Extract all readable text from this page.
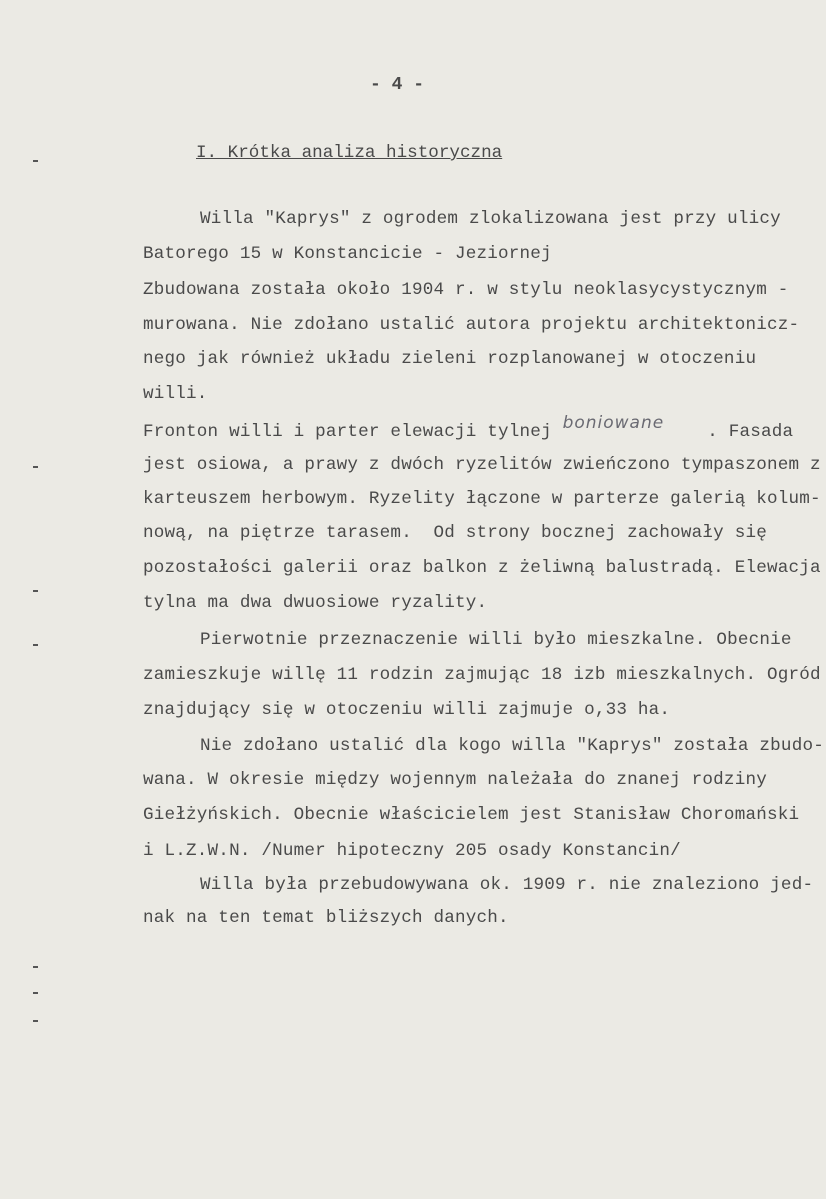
- 4 -
I. Krótka analiza historyczna
Willa "Kaprys" z ogrodem zlokalizowana jest przy ulicy
Batorego 15 w Konstancicie - Jeziornej
Zbudowana została około 1904 r. w stylu neoklasycystycznym -
murowana. Nie zdołano ustalić autora projektu architektonicz-
nego jak również układu zieleni rozplanowanej w otoczeniu
willi.
Fronton willi i parter elewacji tylnej boniowane    . Fasada
jest osiowa, a prawy z dwóch ryzelitów zwieńczono tympaszonem z
karteuszem herbowym. Ryzelity łączone w parterze galerią kolum-
nową, na piętrze tarasem.  Od strony bocznej zachowały się
pozostałości galerii oraz balkon z żeliwną balustradą. Elewacja
tylna ma dwa dwuosiowe ryzality.
Pierwotnie przeznaczenie willi było mieszkalne. Obecnie
zamieszkuje willę 11 rodzin zajmując 18 izb mieszkalnych. Ogród
znajdujący się w otoczeniu willi zajmuje o,33 ha.
Nie zdołano ustalić dla kogo willa "Kaprys" została zbudo-
wana. W okresie między wojennym należała do znanej rodziny
Giełżyńskich. Obecnie właścicielem jest Stanisław Choromański
i L.Z.W.N. /Numer hipoteczny 205 osady Konstancin/
Willa była przebudowywana ok. 1909 r. nie znaleziono jed-
nak na ten temat bliższych danych.
